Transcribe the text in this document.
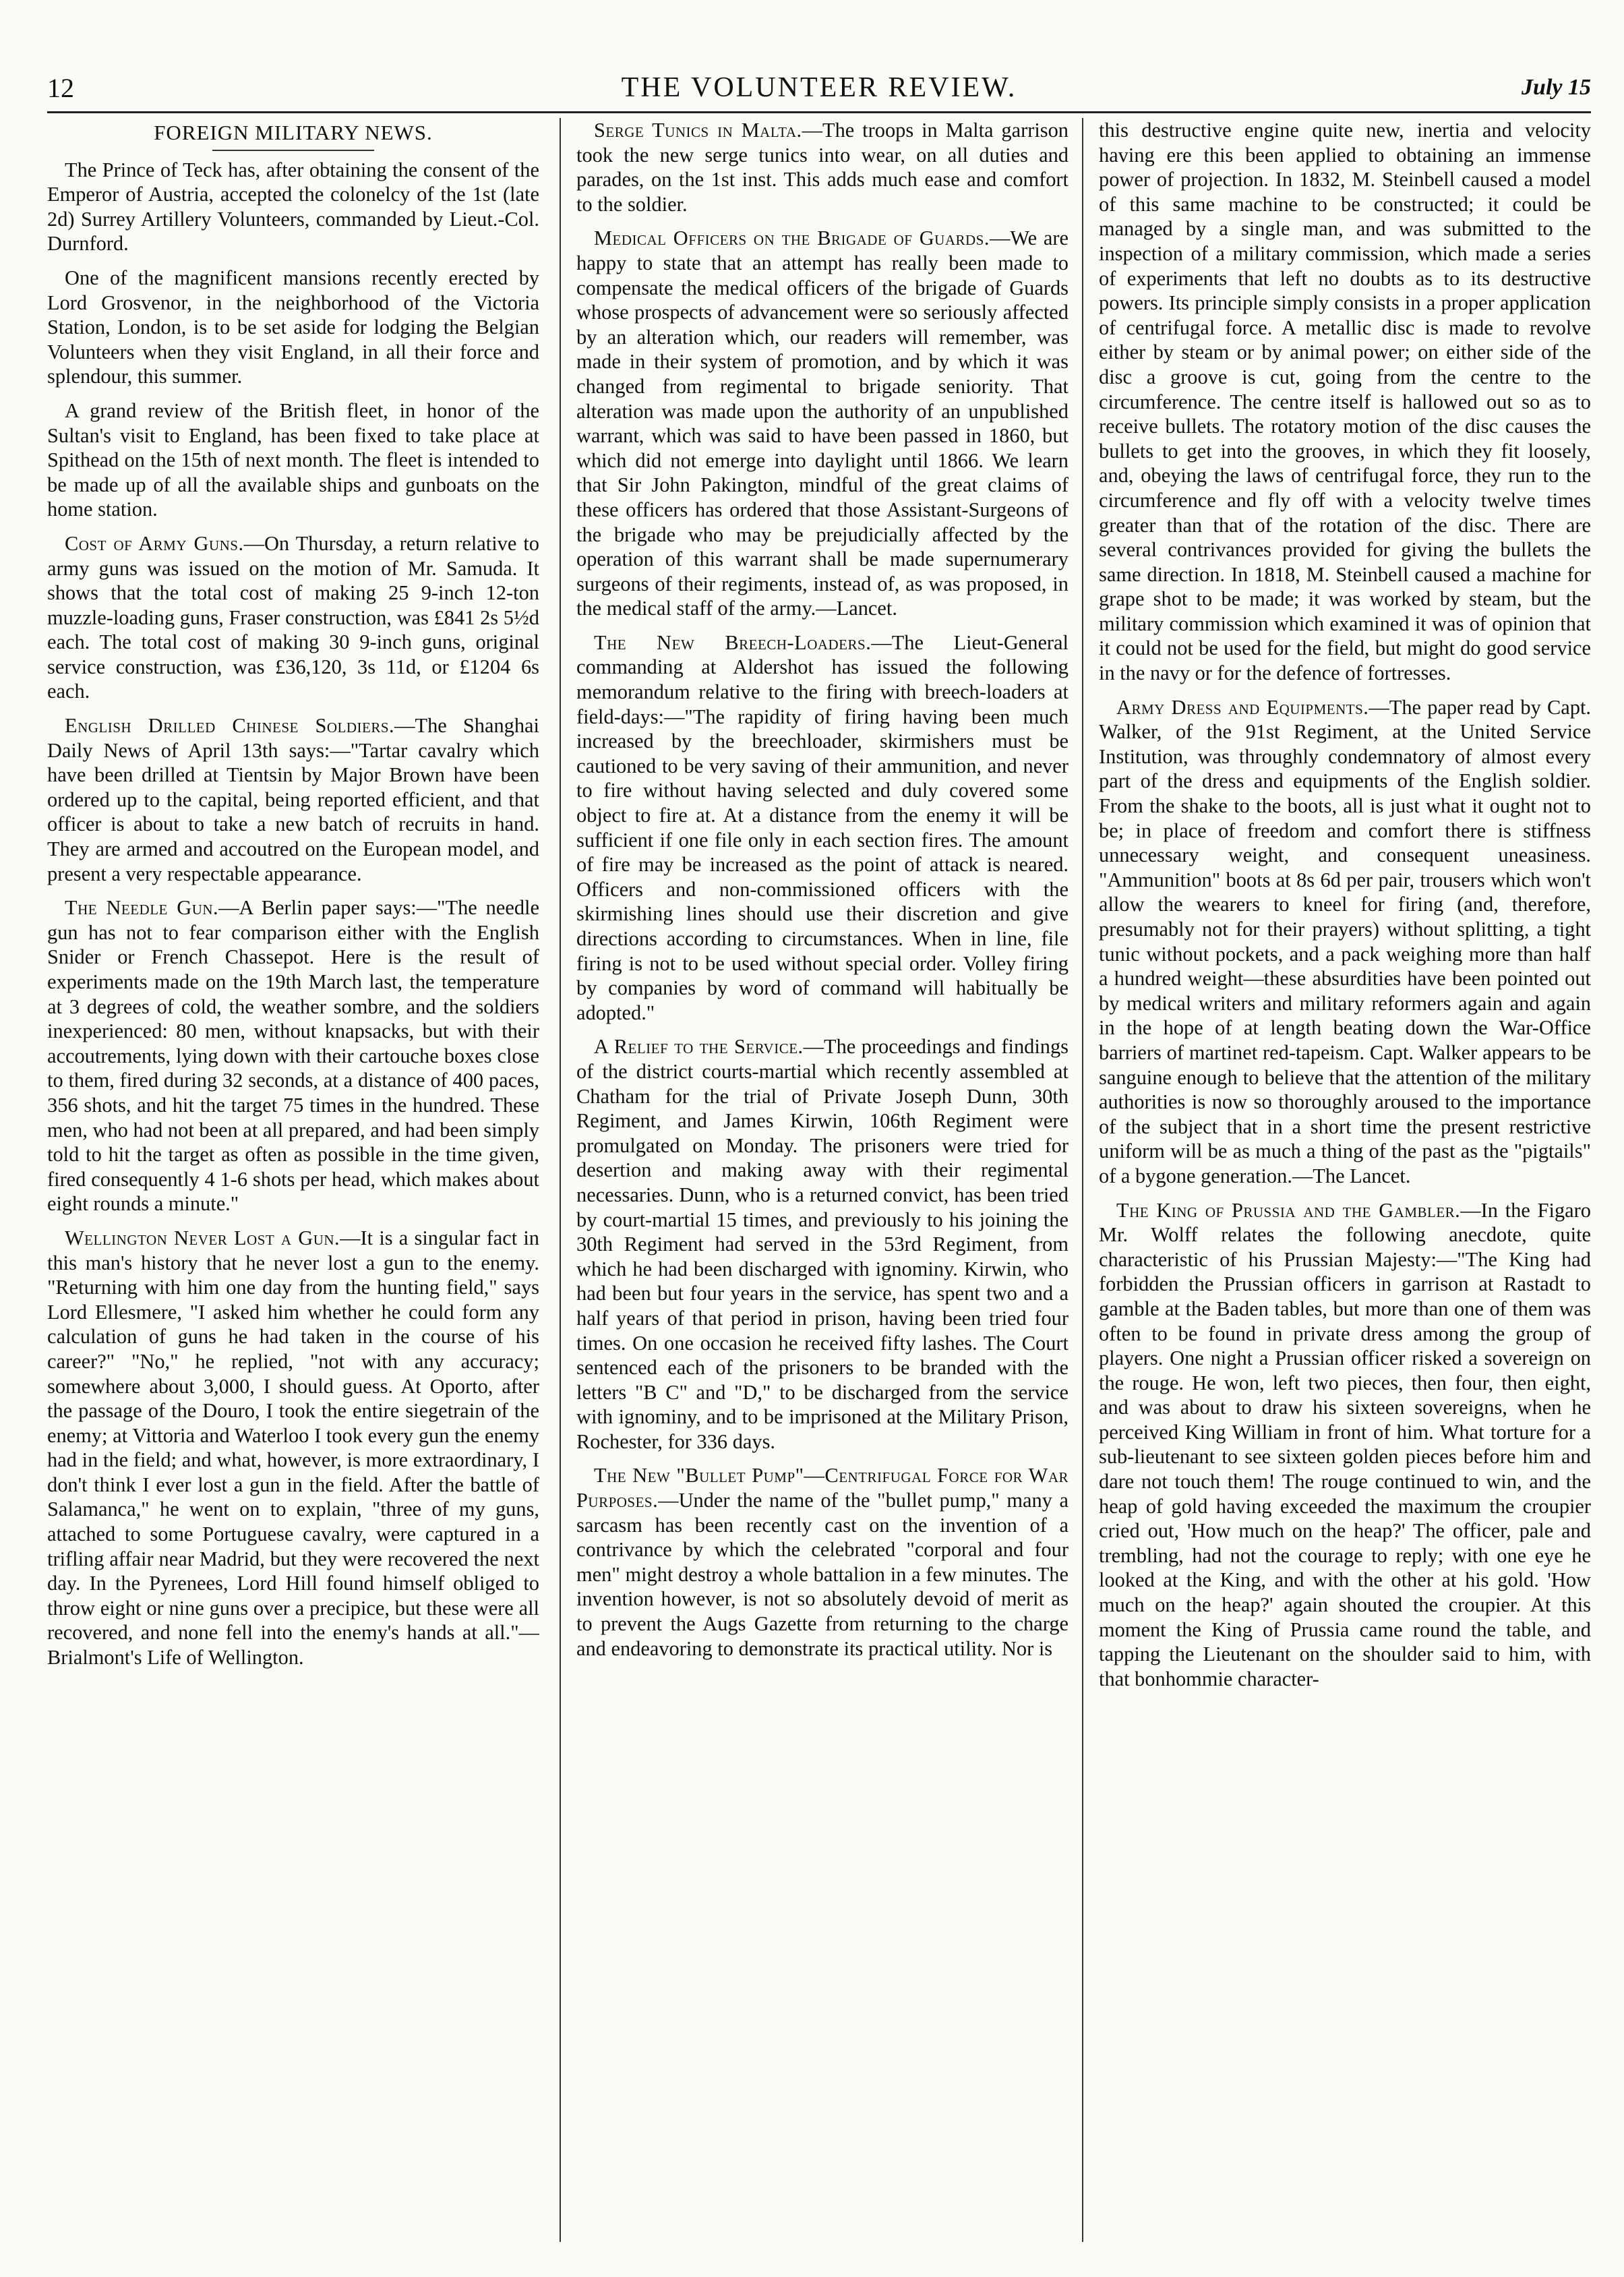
12	THE VOLUNTEER REVIEW.	July 15
FOREIGN MILITARY NEWS.

The Prince of Teck has, after obtaining the consent of the Emperor of Austria, accepted the colonelcy of the 1st (late 2d) Surrey Artillery Volunteers, commanded by Lieut.-Col. Durnford.

One of the magnificent mansions recently erected by Lord Grosvenor, in the neighborhood of the Victoria Station, London, is to be set aside for lodging the Belgian Volunteers when they visit England, in all their force and splendour, this summer.

A grand review of the British fleet, in honor of the Sultan's visit to England, has been fixed to take place at Spithead on the 15th of next month. The fleet is intended to be made up of all the available ships and gunboats on the home station.

Cost of Army Guns.—On Thursday, a return relative to army guns was issued on the motion of Mr. Samuda. It shows that the total cost of making 25 9-inch 12-ton muzzle-loading guns, Fraser construction, was £841 2s 5½d each. The total cost of making 30 9-inch guns, original service construction, was £36,120, 3s 11d, or £1204 6s each.

English Drilled Chinese Soldiers.—The Shanghai Daily News of April 13th says:—"Tartar cavalry which have been drilled at Tientsin by Major Brown have been ordered up to the capital, being reported efficient, and that officer is about to take a new batch of recruits in hand. They are armed and accoutred on the European model, and present a very respectable appearance.

The Needle Gun.—A Berlin paper says:—"The needle gun has not to fear comparison either with the English Snider or French Chassepot. Here is the result of experiments made on the 19th March last, the temperature at 3 degrees of cold, the weather sombre, and the soldiers inexperienced: 80 men, without knapsacks, but with their accoutrements, lying down with their cartouche boxes close to them, fired during 32 seconds, at a distance of 400 paces, 356 shots, and hit the target 75 times in the hundred. These men, who had not been at all prepared, and had been simply told to hit the target as often as possible in the time given, fired consequently 4 1-6 shots per head, which makes about eight rounds a minute."

Wellington Never Lost a Gun.—It is a singular fact in this man's history that he never lost a gun to the enemy. "Returning with him one day from the hunting field," says Lord Ellesmere, "I asked him whether he could form any calculation of guns he had taken in the course of his career?" "No," he replied, "not with any accuracy; somewhere about 3,000, I should guess. At Oporto, after the passage of the Douro, I took the entire siegetrain of the enemy; at Vittoria and Waterloo I took every gun the enemy had in the field; and what, however, is more extraordinary, I don't think I ever lost a gun in the field. After the battle of Salamanca," he went on to explain, "three of my guns, attached to some Portuguese cavalry, were captured in a trifling affair near Madrid, but they were recovered the next day. In the Pyrenees, Lord Hill found himself obliged to throw eight or nine guns over a precipice, but these were all recovered, and none fell into the enemy's hands at all."—Brialmont's Life of Wellington.

Serge Tunics in Malta.—The troops in Malta garrison took the new serge tunics into wear, on all duties and parades, on the 1st inst. This adds much ease and comfort to the soldier.

Medical Officers on the Brigade of Guards.—We are happy to state that an attempt has really been made to compensate the medical officers of the brigade of Guards whose prospects of advancement were so seriously affected by an alteration which, our readers will remember, was made in their system of promotion, and by which it was changed from regimental to brigade seniority. That alteration was made upon the authority of an unpublished warrant, which was said to have been passed in 1860, but which did not emerge into daylight until 1866. We learn that Sir John Pakington, mindful of the great claims of these officers has ordered that those Assistant-Surgeons of the brigade who may be prejudicially affected by the operation of this warrant shall be made supernumerary surgeons of their regiments, instead of, as was proposed, in the medical staff of the army.—Lancet.

The New Breech-Loaders.—The Lieut-General commanding at Aldershot has issued the following memorandum relative to the firing with breech-loaders at field-days:—"The rapidity of firing having been much increased by the breechloader, skirmishers must be cautioned to be very saving of their ammunition, and never to fire without having selected and duly covered some object to fire at. At a distance from the enemy it will be sufficient if one file only in each section fires. The amount of fire may be increased as the point of attack is neared. Officers and non-commissioned officers with the skirmishing lines should use their discretion and give directions according to circumstances. When in line, file firing is not to be used without special order. Volley firing by companies by word of command will habitually be adopted."

A Relief to the Service.—The proceedings and findings of the district courts-martial which recently assembled at Chatham for the trial of Private Joseph Dunn, 30th Regiment, and James Kirwin, 106th Regiment were promulgated on Monday. The prisoners were tried for desertion and making away with their regimental necessaries. Dunn, who is a returned convict, has been tried by court-martial 15 times, and previously to his joining the 30th Regiment had served in the 53rd Regiment, from which he had been discharged with ignominy. Kirwin, who had been but four years in the service, has spent two and a half years of that period in prison, having been tried four times. On one occasion he received fifty lashes. The Court sentenced each of the prisoners to be branded with the letters "B C" and "D," to be discharged from the service with ignominy, and to be imprisoned at the Military Prison, Rochester, for 336 days.

The New "Bullet Pump"—Centrifugal Force for War Purposes.—Under the name of the "bullet pump," many a sarcasm has been recently cast on the invention of a contrivance by which the celebrated "corporal and four men" might destroy a whole battalion in a few minutes. The invention however, is not so absolutely devoid of merit as to prevent the Augs Gazette from returning to the charge and endeavoring to demonstrate its practical utility. Nor is

this destructive engine quite new, inertia and velocity having ere this been applied to obtaining an immense power of projection. In 1832, M. Steinbell caused a model of this same machine to be constructed; it could be managed by a single man, and was submitted to the inspection of a military commission, which made a series of experiments that left no doubts as to its destructive powers. Its principle simply consists in a proper application of centrifugal force. A metallic disc is made to revolve either by steam or by animal power; on either side of the disc a groove is cut, going from the centre to the circumference. The centre itself is hallowed out so as to receive bullets. The rotatory motion of the disc causes the bullets to get into the grooves, in which they fit loosely, and, obeying the laws of centrifugal force, they run to the circumference and fly off with a velocity twelve times greater than that of the rotation of the disc. There are several contrivances provided for giving the bullets the same direction. In 1818, M. Steinbell caused a machine for grape shot to be made; it was worked by steam, but the military commission which examined it was of opinion that it could not be used for the field, but might do good service in the navy or for the defence of fortresses.

Army Dress and Equipments.—The paper read by Capt. Walker, of the 91st Regiment, at the United Service Institution, was throughly condemnatory of almost every part of the dress and equipments of the English soldier. From the shake to the boots, all is just what it ought not to be; in place of freedom and comfort there is stiffness unnecessary weight, and consequent uneasiness. "Ammunition" boots at 8s 6d per pair, trousers which won't allow the wearers to kneel for firing (and, therefore, presumably not for their prayers) without splitting, a tight tunic without pockets, and a pack weighing more than half a hundred weight—these absurdities have been pointed out by medical writers and military reformers again and again in the hope of at length beating down the War-Office barriers of martinet red-tapeism. Capt. Walker appears to be sanguine enough to believe that the attention of the military authorities is now so thoroughly aroused to the importance of the subject that in a short time the present restrictive uniform will be as much a thing of the past as the "pigtails" of a bygone generation.—The Lancet.

The King of Prussia and the Gambler.—In the Figaro Mr. Wolff relates the following anecdote, quite characteristic of his Prussian Majesty:—"The King had forbidden the Prussian officers in garrison at Rastadt to gamble at the Baden tables, but more than one of them was often to be found in private dress among the group of players. One night a Prussian officer risked a sovereign on the rouge. He won, left two pieces, then four, then eight, and was about to draw his sixteen sovereigns, when he perceived King William in front of him. What torture for a sub-lieutenant to see sixteen golden pieces before him and dare not touch them! The rouge continued to win, and the heap of gold having exceeded the maximum the croupier cried out, 'How much on the heap?' The officer, pale and trembling, had not the courage to reply; with one eye he looked at the King, and with the other at his gold. 'How much on the heap?' again shouted the croupier. At this moment the King of Prussia came round the table, and tapping the Lieutenant on the shoulder said to him, with that bonhommie character-
